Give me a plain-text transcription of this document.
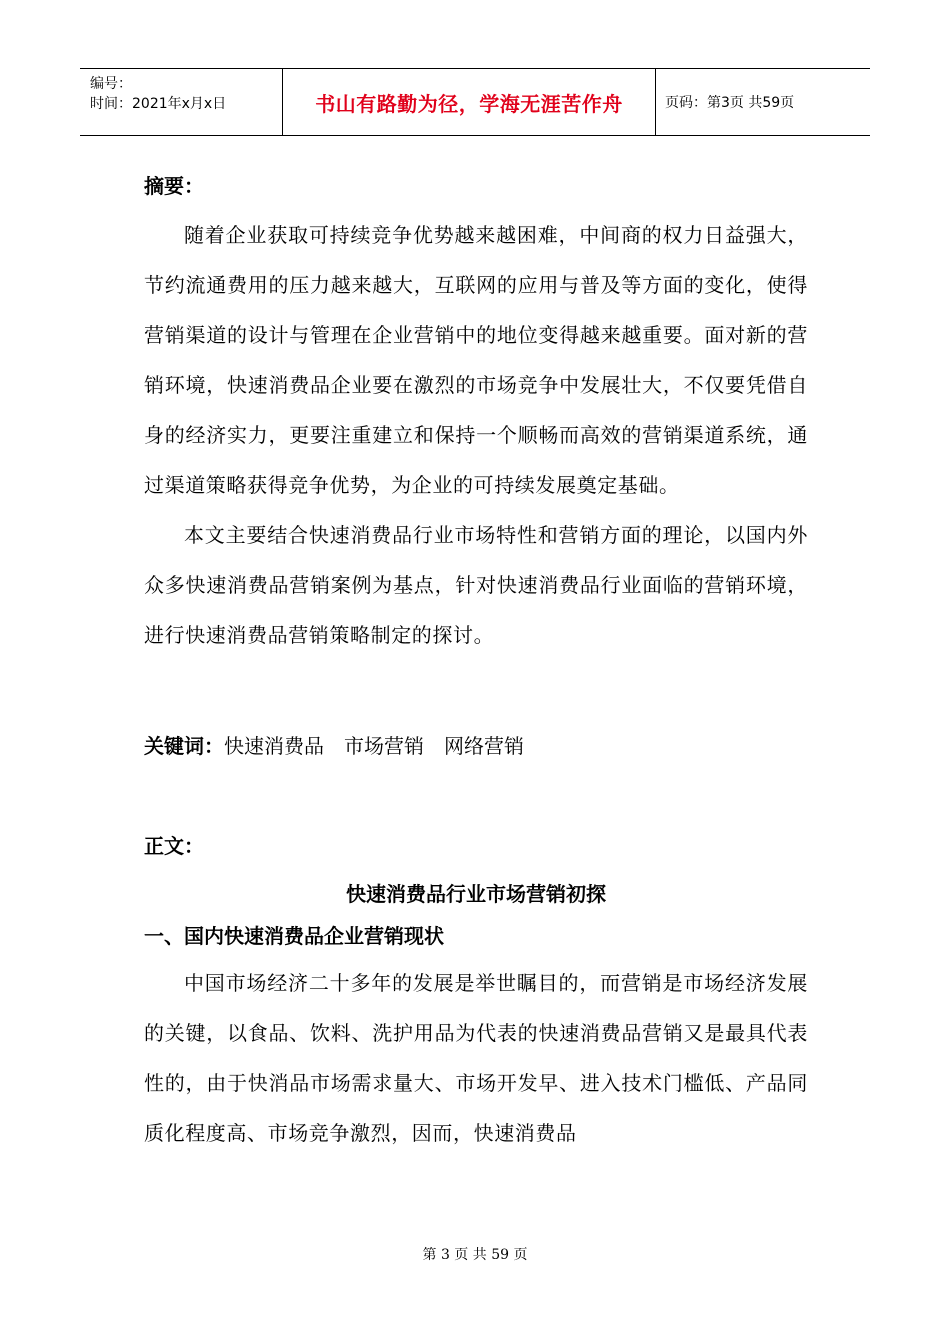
编号：
时间：2021年x月x日	书山有路勤为径，学海无涯苦作舟	页码：第3页 共59页
摘要：
随着企业获取可持续竞争优势越来越困难，中间商的权力日益强大，节约流通费用的压力越来越大，互联网的应用与普及等方面的变化，使得营销渠道的设计与管理在企业营销中的地位变得越来越重要。面对新的营销环境，快速消费品企业要在激烈的市场竞争中发展壮大，不仅要凭借自身的经济实力，更要注重建立和保持一个顺畅而高效的营销渠道系统，通过渠道策略获得竞争优势，为企业的可持续发展奠定基础。
本文主要结合快速消费品行业市场特性和营销方面的理论，以国内外众多快速消费品营销案例为基点，针对快速消费品行业面临的营销环境，进行快速消费品营销策略制定的探讨。
关键词：快速消费品 市场营销 网络营销
正文：
快速消费品行业市场营销初探
一、国内快速消费品企业营销现状
中国市场经济二十多年的发展是举世瞩目的，而营销是市场经济发展的关键，以食品、饮料、洗护用品为代表的快速消费品营销又是最具代表性的，由于快消品市场需求量大、市场开发早、进入技术门槛低、产品同质化程度高、市场竞争激烈，因而，快速消费品
第 3 页 共 59 页
